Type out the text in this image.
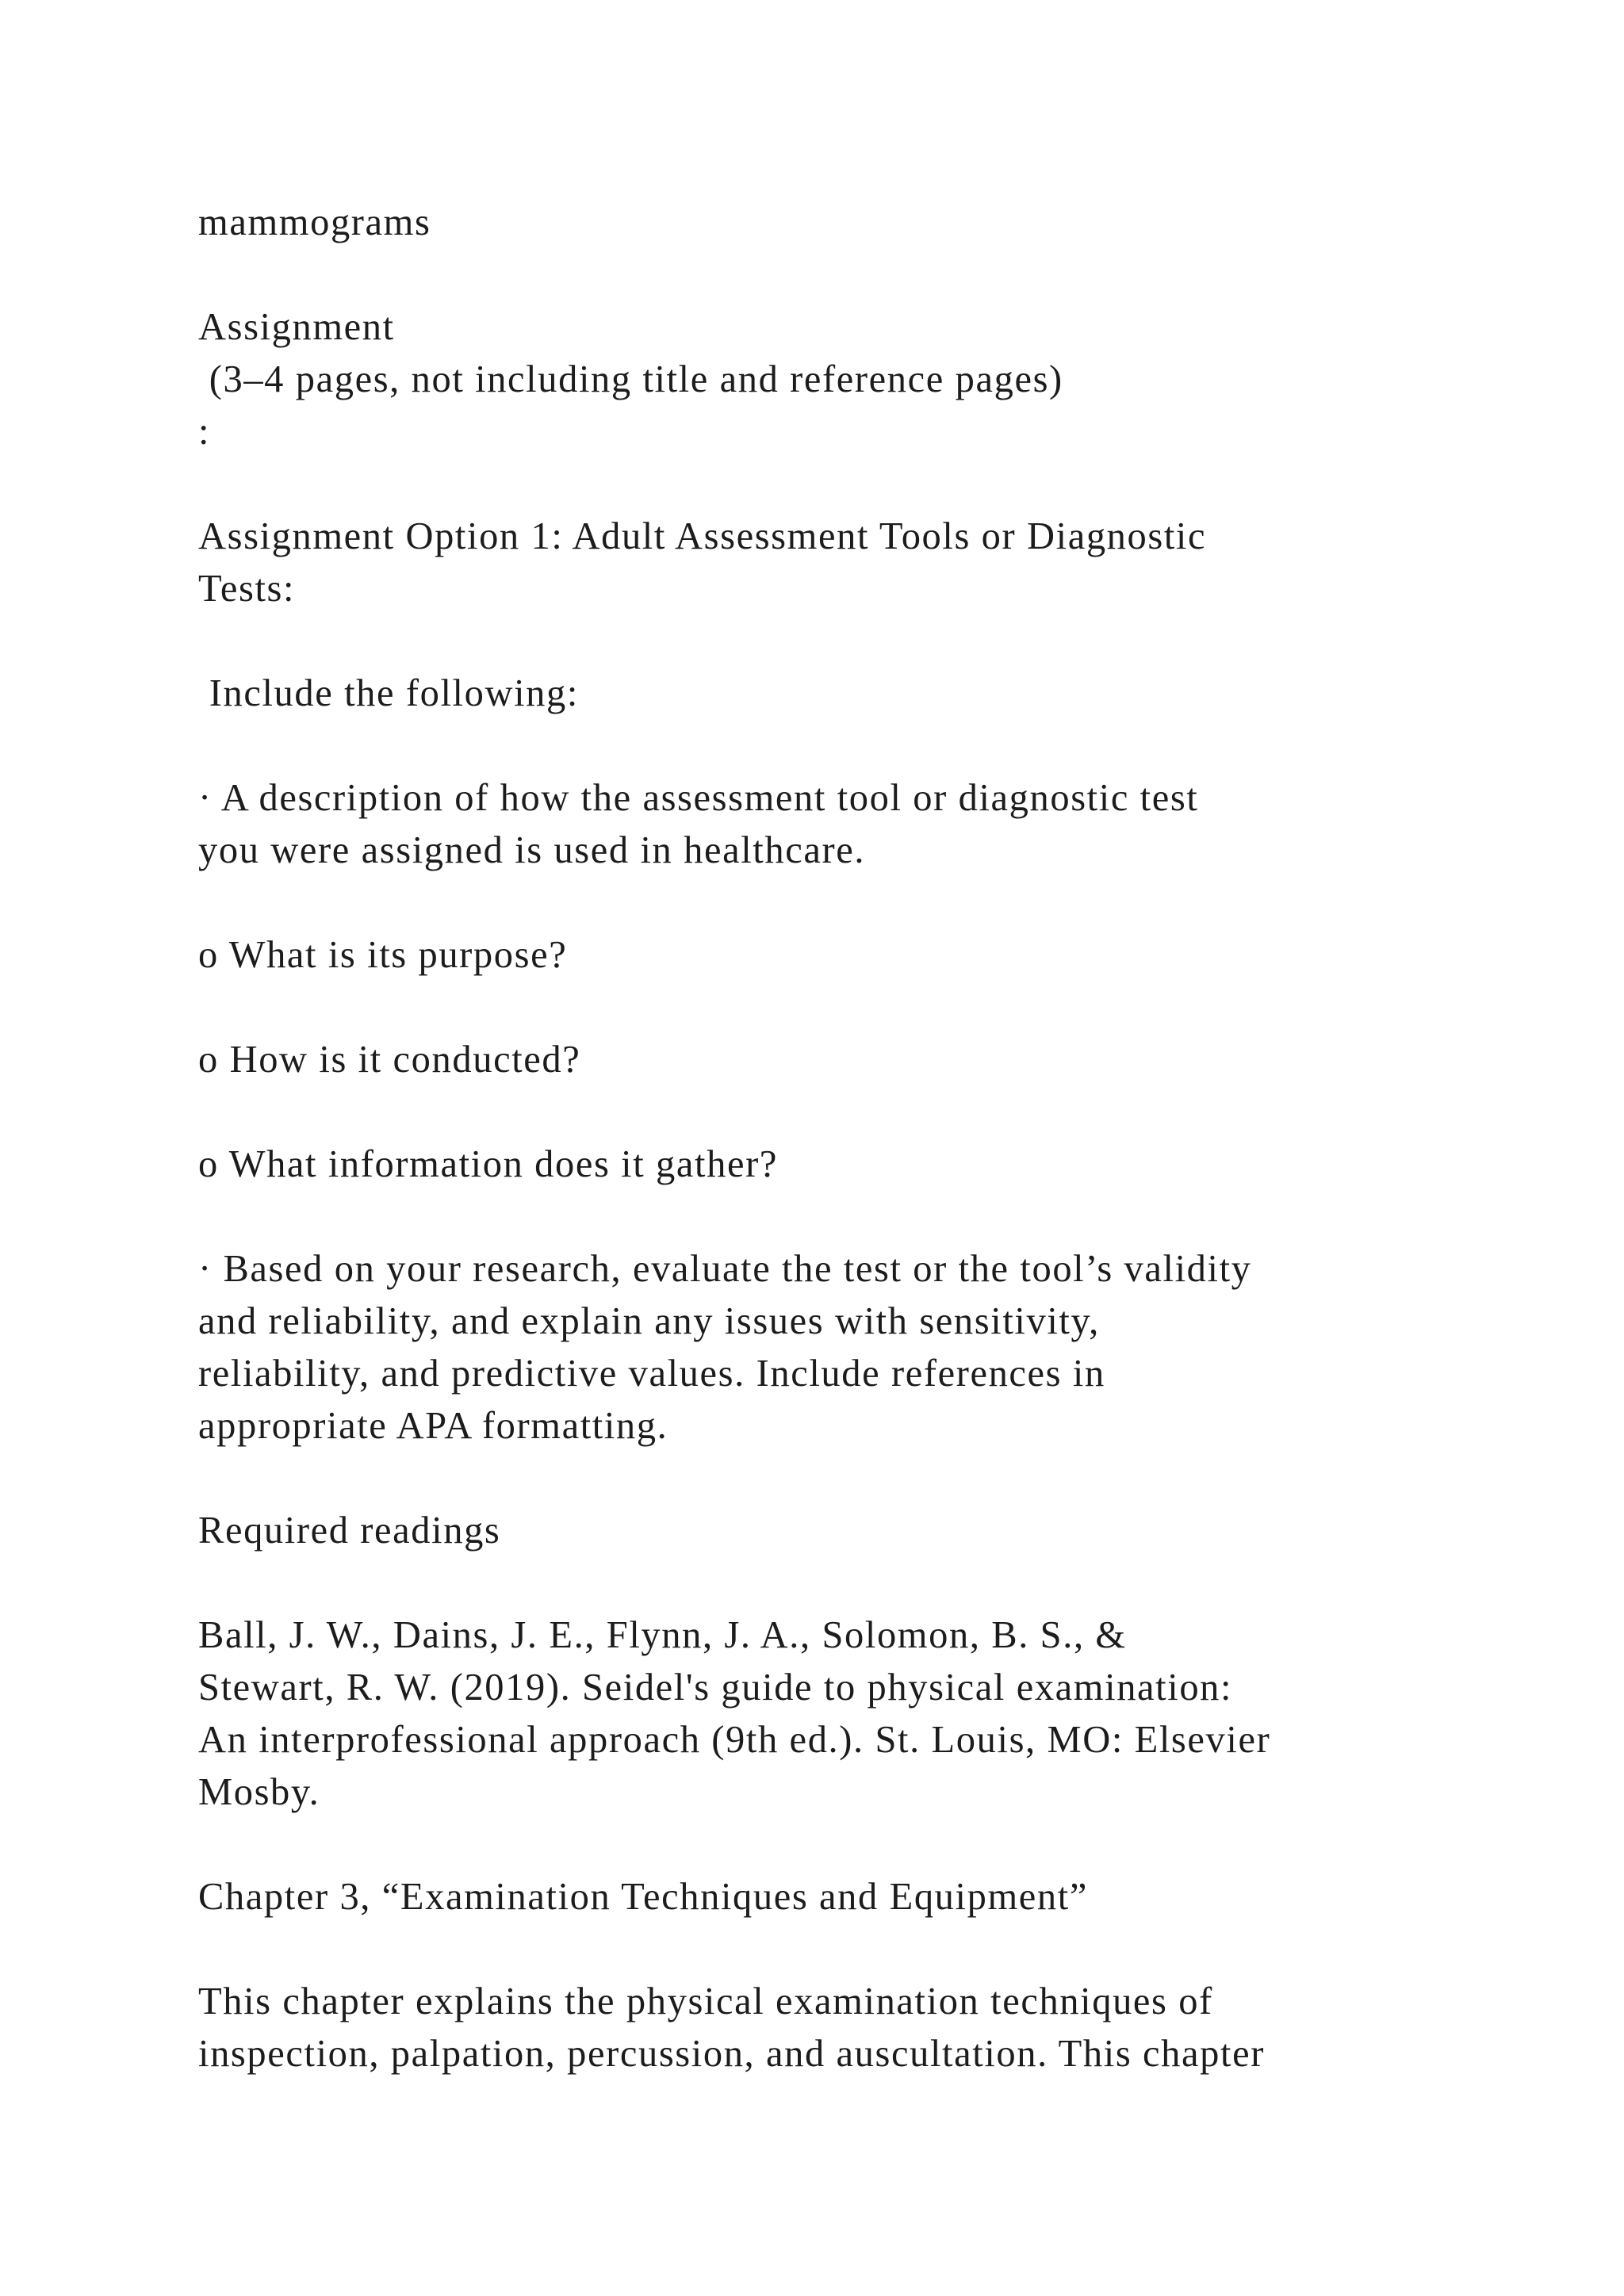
mammograms
Assignment
(3–4 pages, not including title and reference pages)
:
Assignment Option 1: Adult Assessment Tools or Diagnostic
Tests:
Include the following:
· A description of how the assessment tool or diagnostic test
you were assigned is used in healthcare.
o What is its purpose?
o How is it conducted?
o What information does it gather?
· Based on your research, evaluate the test or the tool’s validity
and reliability, and explain any issues with sensitivity,
reliability, and predictive values. Include references in
appropriate APA formatting.
Required readings
Ball, J. W., Dains, J. E., Flynn, J. A., Solomon, B. S., &
Stewart, R. W. (2019). Seidel's guide to physical examination:
An interprofessional approach (9th ed.). St. Louis, MO: Elsevier
Mosby.
Chapter 3, “Examination Techniques and Equipment”
This chapter explains the physical examination techniques of
inspection, palpation, percussion, and auscultation. This chapter
